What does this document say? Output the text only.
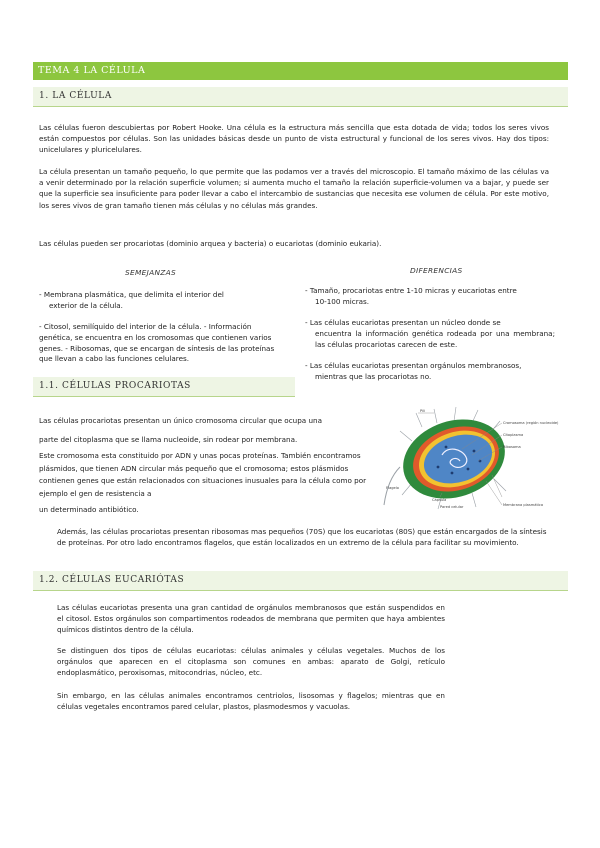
TEMA 4 LA CÉLULA
1. LA CÉLULA

Las células fueron descubiertas por Robert Hooke. Una célula es la estructura más sencilla que esta dotada de vida; todos los seres vivos están compuestos por células. Son las unidades básicas desde un punto de vista estructural y funcional de los seres vivos. Hay dos tipos: unicelulares y pluricelulares.

La célula presentan un tamaño pequeño, lo que permite que las podamos ver a través del microscopio. El tamaño máximo de las células va a venir determinado por la relación superficie volumen; si aumenta mucho el tamaño la relación superficie-volumen va a bajar, y puede ser que la superficie sea insuficiente para poder llevar a cabo el intercambio de sustancias que necesita ese volumen de célula. Por este motivo, los seres vivos de gran tamaño tienen más células y no células más grandes.

Las células pueden ser procariotas (dominio arquea y bacteria) o eucariotas (dominio eukaria).

SEMEJANZAS	DIFERENCIAS
- Membrana plasmática, que delimita el interior del
exterior de la célula.
- Citosol, semilíquido del interior de la célula. - Información genética, se encuentra en los cromosomas que contienen varios genes. - Ribosomas, que se encargan de síntesis de las proteínas que llevan a cabo las funciones celulares.
- Tamaño, procariotas entre 1-10 micras y eucariotas entre
10-100 micras.
- Las células eucariotas presentan un núcleo donde se
encuentra la información genética rodeada por una membrana; las células procariotas carecen de este.
- Las células eucariotas presentan orgánulos membranosos,
mientras que las procariotas no.
1.1. CÉLULAS PROCARIOTAS

Las células procariotas presentan un único cromosoma circular que ocupa una

parte del citoplasma que se llama nucleoide, sin rodear por membrana.

Este cromosoma esta constituido por ADN y unas pocas proteínas. También encontramos plásmidos, que tienen ADN circular más pequeño que el cromosoma; estos plásmidos contienen genes que están relacionados con situaciones inusuales para la célula como por ejemplo el gen de resistencia a

un determinado antibiótico.

Además, las células procariotas presentan ribosomas mas pequeños (70S) que los eucariotas (80S) que están encargados de la síntesis de proteínas. Por otro lado encontramos flagelos, que están localizados en un extremo de la célula para facilitar su movimiento.

Pili
Cromosoma (región nucleoide)
Citoplasma
Ribosoma
Flagelo
Cápsula
Pared celular	Membrana plasmática
1.2. CÉLULAS EUCARIÓTAS

Las células eucariotas presenta una gran cantidad de orgánulos membranosos que están suspendidos en el citosol. Estos orgánulos son compartimentos rodeados de membrana que permiten que haya ambientes químicos distintos dentro de la célula.

Se distinguen dos tipos de células eucariotas: células animales y células vegetales. Muchos de los orgánulos que aparecen en el citoplasma son comunes en ambas: aparato de Golgi, retículo endoplasmático, peroxisomas, mitocondrias, núcleo, etc.

Sin embargo, en las células animales encontramos centriolos, lisosomas y flagelos; mientras que en células vegetales encontramos pared celular, plastos, plasmodesmos y vacuolas.
